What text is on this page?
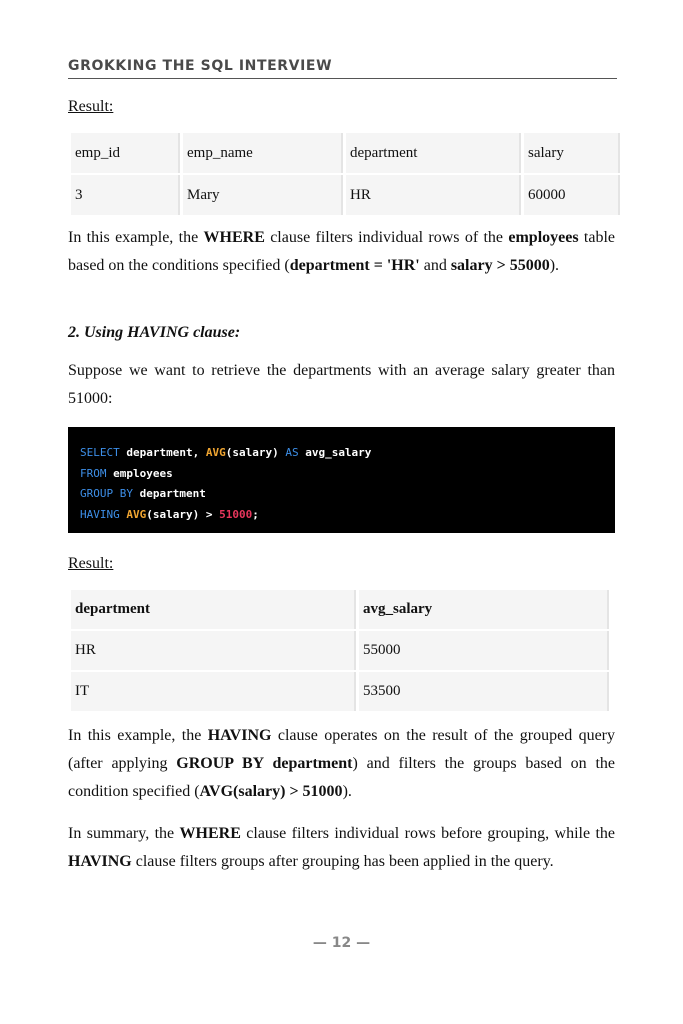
GROKKING THE SQL INTERVIEW
Result:
emp_id	emp_name	department	salary
3	Mary	HR	60000

In this example, the WHERE clause filters individual rows of the employees table based on the conditions specified (department = 'HR' and salary > 55000).

2. Using HAVING clause:

Suppose we want to retrieve the departments with an average salary greater than 51000:

SELECT department, AVG(salary) AS avg_salary
FROM employees
GROUP BY department
HAVING AVG(salary) > 51000;
Result:
department	avg_salary
HR	55000
IT	53500

In this example, the HAVING clause operates on the result of the grouped query (after applying GROUP BY department) and filters the groups based on the condition specified (AVG(salary) > 51000).

In summary, the WHERE clause filters individual rows before grouping, while the HAVING clause filters groups after grouping has been applied in the query.

— 12 —
